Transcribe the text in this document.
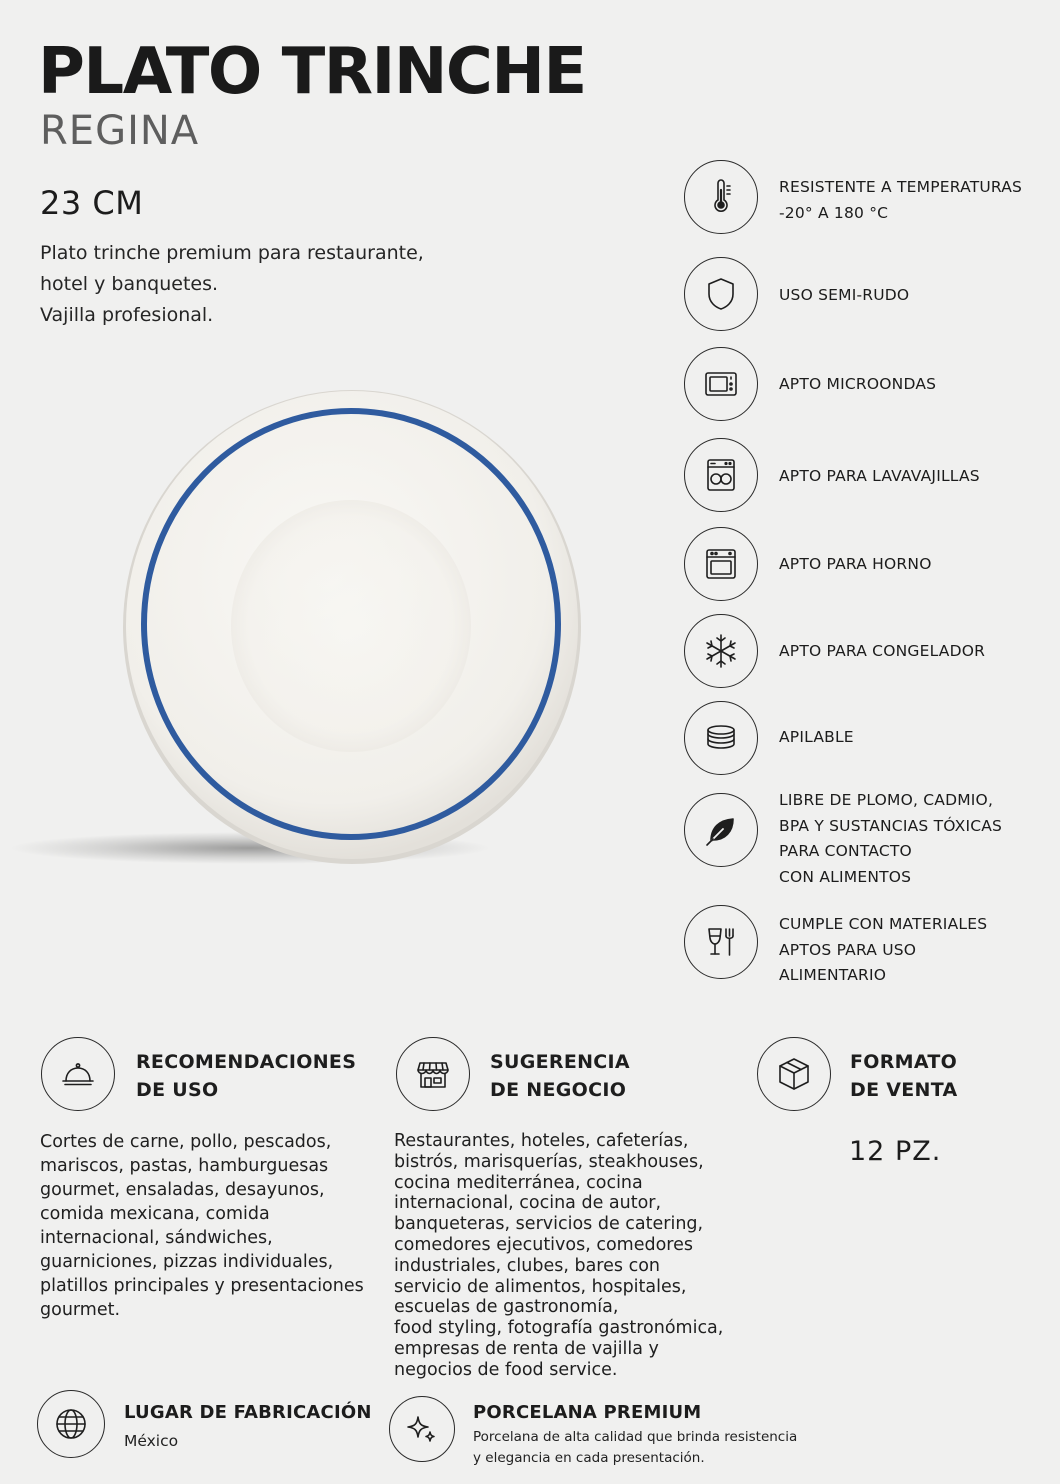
PLATO TRINCHE
REGINA
23 CM
Plato trinche premium para restaurante,
hotel y banquetes.
Vajilla profesional.
RESISTENTE A TEMPERATURAS
-20° A 180 °C
USO SEMI-RUDO
APTO MICROONDAS
APTO PARA LAVAVAJILLAS
APTO PARA HORNO
APTO PARA CONGELADOR
APILABLE
LIBRE DE PLOMO, CADMIO,
BPA Y SUSTANCIAS TÓXICAS
PARA CONTACTO
CON ALIMENTOS
CUMPLE CON MATERIALES
APTOS PARA USO
ALIMENTARIO
RECOMENDACIONES
DE USO
Cortes de carne, pollo, pescados,
mariscos, pastas, hamburguesas
gourmet, ensaladas, desayunos,
comida mexicana, comida
internacional, sándwiches,
guarniciones, pizzas individuales,
platillos principales y presentaciones
gourmet.
SUGERENCIA
DE NEGOCIO
Restaurantes, hoteles, cafeterías,
bistrós, marisquerías, steakhouses,
cocina mediterránea, cocina
internacional, cocina de autor,
banqueteras, servicios de catering,
comedores ejecutivos, comedores
industriales, clubes, bares con
servicio de alimentos, hospitales,
escuelas de gastronomía,
food styling, fotografía gastronómica,
empresas de renta de vajilla y
negocios de food service.
FORMATO
DE VENTA
12 PZ.
LUGAR DE FABRICACIÓN
México
PORCELANA PREMIUM
Porcelana de alta calidad que brinda resistencia
y elegancia en cada presentación.
